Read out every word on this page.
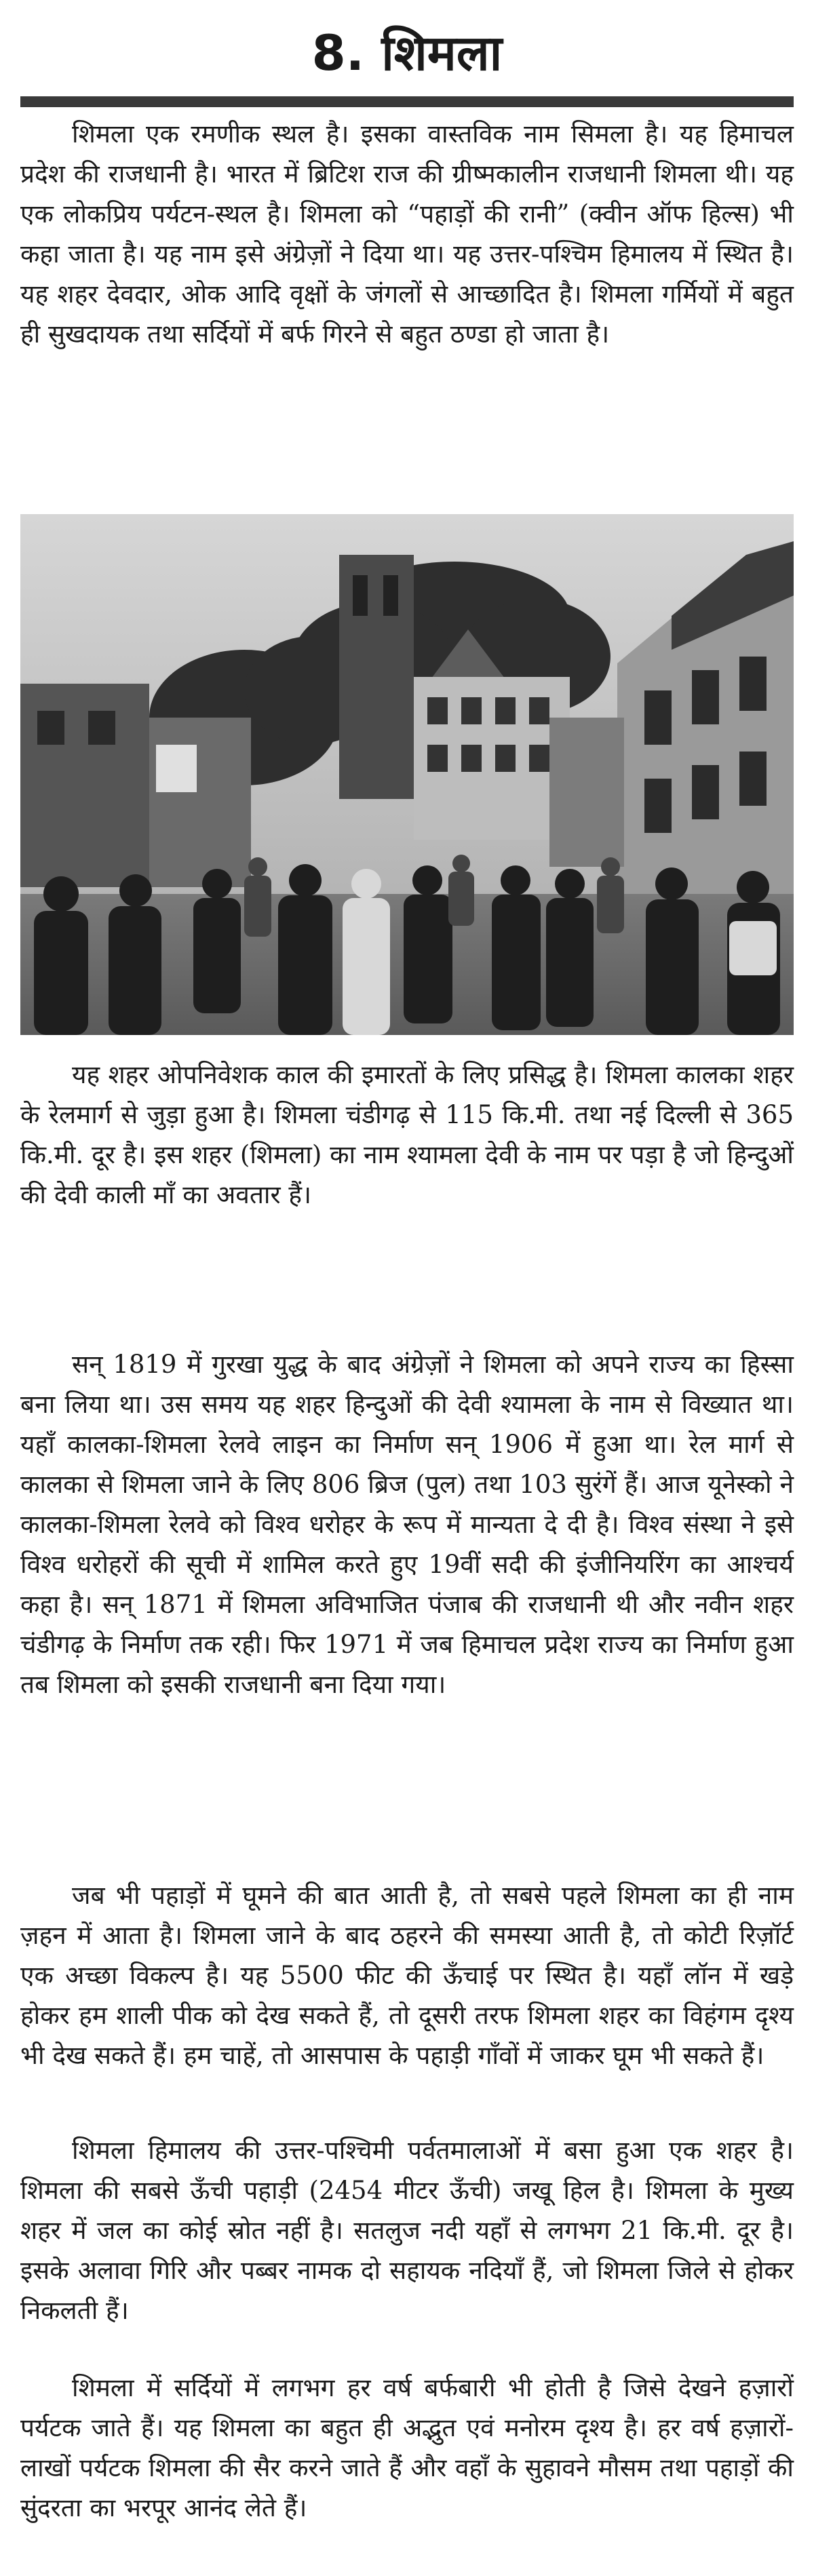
8. शिमला

शिमला एक रमणीक स्थल है। इसका वास्तविक नाम सिमला है। यह हिमाचल प्रदेश की राजधानी है। भारत में ब्रिटिश राज की ग्रीष्मकालीन राजधानी शिमला थी। यह एक लोकप्रिय पर्यटन-स्थल है। शिमला को “पहाड़ों की रानी” (क्वीन ऑफ हिल्स) भी कहा जाता है। यह नाम इसे अंग्रेज़ों ने दिया था। यह उत्तर-पश्चिम हिमालय में स्थित है। यह शहर देवदार, ओक आदि वृक्षों के जंगलों से आच्छादित है। शिमला गर्मियों में बहुत ही सुखदायक तथा सर्दियों में बर्फ गिरने से बहुत ठण्डा हो जाता है।

यह शहर ओपनिवेशक काल की इमारतों के लिए प्रसिद्ध है। शिमला कालका शहर के रेलमार्ग से जुड़ा हुआ है। शिमला चंडीगढ़ से 115 कि.मी. तथा नई दिल्ली से 365 कि.मी. दूर है। इस शहर (शिमला) का नाम श्यामला देवी के नाम पर पड़ा है जो हिन्दुओं की देवी काली माँ का अवतार हैं।

सन् 1819 में गुरखा युद्ध के बाद अंग्रेज़ों ने शिमला को अपने राज्य का हिस्सा बना लिया था। उस समय यह शहर हिन्दुओं की देवी श्यामला के नाम से विख्यात था। यहाँ कालका-शिमला रेलवे लाइन का निर्माण सन् 1906 में हुआ था। रेल मार्ग से कालका से शिमला जाने के लिए 806 ब्रिज (पुल) तथा 103 सुरंगें हैं। आज यूनेस्को ने कालका-शिमला रेलवे को विश्व धरोहर के रूप में मान्यता दे दी है। विश्व संस्था ने इसे विश्व धरोहरों की सूची में शामिल करते हुए 19वीं सदी की इंजीनियरिंग का आश्चर्य कहा है। सन् 1871 में शिमला अविभाजित पंजाब की राजधानी थी और नवीन शहर चंडीगढ़ के निर्माण तक रही। फिर 1971 में जब हिमाचल प्रदेश राज्य का निर्माण हुआ तब शिमला को इसकी राजधानी बना दिया गया।

जब भी पहाड़ों में घूमने की बात आती है, तो सबसे पहले शिमला का ही नाम ज़हन में आता है। शिमला जाने के बाद ठहरने की समस्या आती है, तो कोटी रिज़ॉर्ट एक अच्छा विकल्प है। यह 5500 फीट की ऊँचाई पर स्थित है। यहाँ लॉन में खड़े होकर हम शाली पीक को देख सकते हैं, तो दूसरी तरफ शिमला शहर का विहंगम दृश्य भी देख सकते हैं। हम चाहें, तो आसपास के पहाड़ी गाँवों में जाकर घूम भी सकते हैं।

शिमला हिमालय की उत्तर-पश्चिमी पर्वतमालाओं में बसा हुआ एक शहर है। शिमला की सबसे ऊँची पहाड़ी (2454 मीटर ऊँची) जखू हिल है। शिमला के मुख्य शहर में जल का कोई स्रोत नहीं है। सतलुज नदी यहाँ से लगभग 21 कि.मी. दूर है। इसके अलावा गिरि और पब्बर नामक दो सहायक नदियाँ हैं, जो शिमला जिले से होकर निकलती हैं।

शिमला में सर्दियों में लगभग हर वर्ष बर्फबारी भी होती है जिसे देखने हज़ारों पर्यटक जाते हैं। यह शिमला का बहुत ही अद्भुत एवं मनोरम दृश्य है। हर वर्ष हज़ारों-लाखों पर्यटक शिमला की सैर करने जाते हैं और वहाँ के सुहावने मौसम तथा पहाड़ों की सुंदरता का भरपूर आनंद लेते हैं।
